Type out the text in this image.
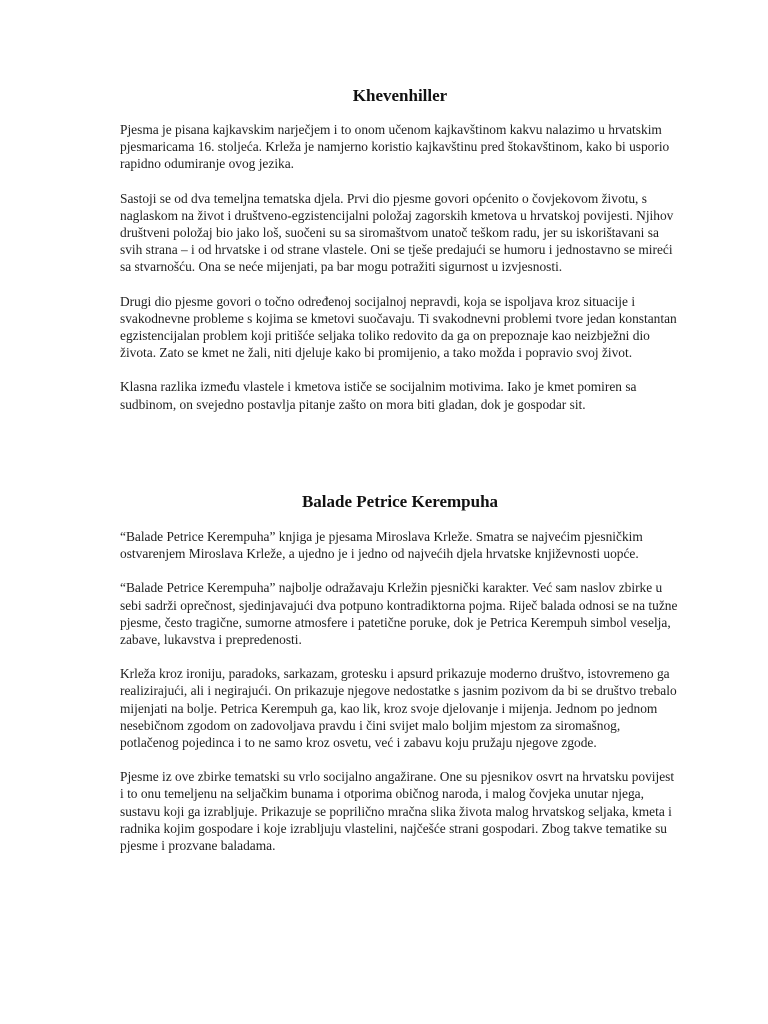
Khevenhiller

Pjesma je pisana kajkavskim narječjem i to onom učenom kajkavštinom kakvu nalazimo u hrvatskim pjesmaricama 16. stoljeća. Krleža je namjerno koristio kajkavštinu pred štokavštinom, kako bi usporio rapidno odumiranje ovog jezika.

Sastoji se od dva temeljna tematska djela. Prvi dio pjesme govori općenito o čovjekovom životu, s naglaskom na život i društveno-egzistencijalni položaj zagorskih kmetova u hrvatskoj povijesti. Njihov društveni položaj bio jako loš, suočeni su sa siromaštvom unatoč teškom radu, jer su iskorištavani sa svih strana – i od hrvatske i od strane vlastele. Oni se tješe predajući se humoru i jednostavno se mireći sa stvarnošću. Ona se neće mijenjati, pa bar mogu potražiti sigurnost u izvjesnosti.

Drugi dio pjesme govori o točno određenoj socijalnoj nepravdi, koja se ispoljava kroz situacije i svakodnevne probleme s kojima se kmetovi suočavaju. Ti svakodnevni problemi tvore jedan konstantan egzistencijalan problem koji pritišće seljaka toliko redovito da ga on prepoznaje kao neizbježni dio života. Zato se kmet ne žali, niti djeluje kako bi promijenio, a tako možda i popravio svoj život.

Klasna razlika između vlastele i kmetova ističe se socijalnim motivima. Iako je kmet pomiren sa sudbinom, on svejedno postavlja pitanje zašto on mora biti gladan, dok je gospodar sit.

Balade Petrice Kerempuha

“Balade Petrice Kerempuha” knjiga je pjesama Miroslava Krleže. Smatra se najvećim pjesničkim ostvarenjem Miroslava Krleže, a ujedno je i jedno od najvećih djela hrvatske književnosti uopće.

“Balade Petrice Kerempuha” najbolje odražavaju Krležin pjesnički karakter. Već sam naslov zbirke u sebi sadrži oprečnost, sjedinjavajući dva potpuno kontradiktorna pojma. Riječ balada odnosi se na tužne pjesme, često tragične, sumorne atmosfere i patetične poruke, dok je Petrica Kerempuh simbol veselja, zabave, lukavstva i prepredenosti.

Krleža kroz ironiju, paradoks, sarkazam, grotesku i apsurd prikazuje moderno društvo, istovremeno ga realizirajući, ali i negirajući. On prikazuje njegove nedostatke s jasnim pozivom da bi se društvo trebalo mijenjati na bolje. Petrica Kerempuh ga, kao lik, kroz svoje djelovanje i mijenja. Jednom po jednom nesebičnom zgodom on zadovoljava pravdu i čini svijet malo boljim mjestom za siromašnog, potlačenog pojedinca i to ne samo kroz osvetu, već i zabavu koju pružaju njegove zgode.

Pjesme iz ove zbirke tematski su vrlo socijalno angažirane. One su pjesnikov osvrt na hrvatsku povijest i to onu temeljenu na seljačkim bunama i otporima običnog naroda, i malog čovjeka unutar njega, sustavu koji ga izrabljuje. Prikazuje se poprilično mračna slika života malog hrvatskog seljaka, kmeta i radnika kojim gospodare i koje izrabljuju vlastelini, najčešće strani gospodari. Zbog takve tematike su pjesme i prozvane baladama.
